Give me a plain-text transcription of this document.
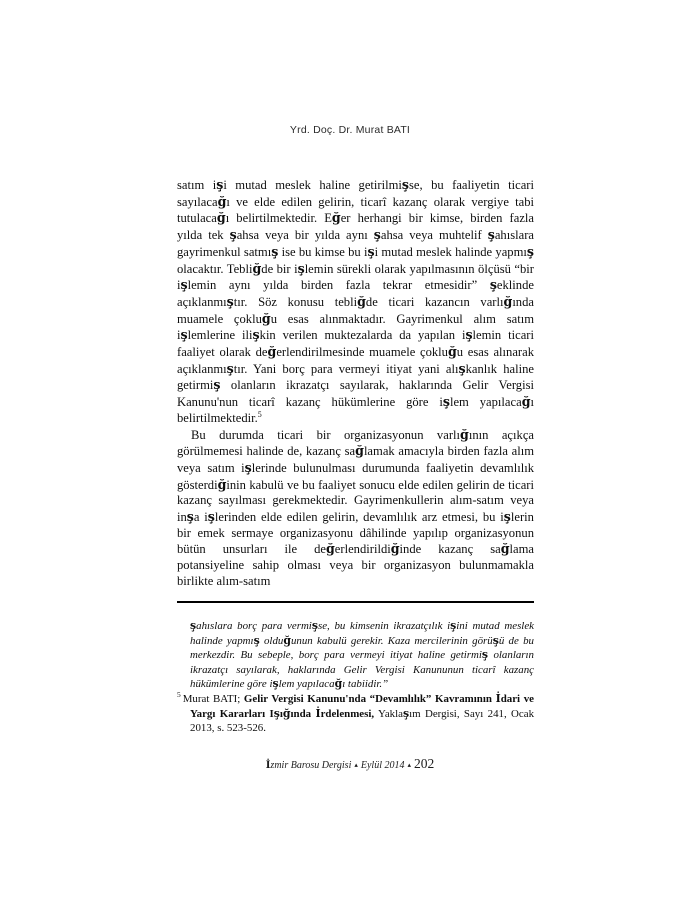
Yrd. Doç. Dr. Murat BATI

satım işi mutad meslek haline getirilmişse, bu faaliyetin ticari sayılacağı ve elde edilen gelirin, ticarî kazanç olarak vergiye tabi tutulacağı belirtilmektedir. Eğer herhangi bir kimse, birden fazla yılda tek şahsa veya bir yılda aynı şahsa veya muhtelif şahıslara gayrimenkul satmış ise bu kimse bu işi mutad meslek halinde yapmış olacaktır. Tebliğde bir işlemin sürekli olarak yapılmasının ölçüsü “bir işlemin aynı yılda birden fazla tekrar etmesidir” şeklinde açıklanmıştır. Söz konusu tebliğde ticari kazancın varlığında muamele çokluğu esas alınmaktadır. Gayrimenkul alım satım işlemlerine ilişkin verilen muktezalarda da yapılan işlemin ticari faaliyet olarak değerlendirilmesinde muamele çokluğu esas alınarak açıklanmıştır. Yani borç para vermeyi itiyat yani alışkanlık haline getirmiş olanların ikrazatçı sayılarak, haklarında Gelir Vergisi Kanunu'nun ticarî kazanç hükümlerine göre işlem yapılacağı belirtilmektedir.$^5$

Bu durumda ticari bir organizasyonun varlığının açıkça görülmemesi halinde de, kazanç sağlamak amacıyla birden fazla alım veya satım işlerinde bulunulması durumunda faaliyetin devamlılık gösterdiğinin kabulü ve bu faaliyet sonucu elde edilen gelirin de ticari kazanç sayılması gerekmektedir. Gayrimenkullerin alım-satım veya inşa işlerinden elde edilen gelirin, devamlılık arz etmesi, bu işlerin bir emek sermaye organizasyonu dâhilinde yapılıp organizasyonun bütün unsurları ile değerlendirildiğinde kazanç sağlama potansiyeline sahip olması veya bir organizasyon bulunmamakla birlikte alım-satım

şahıslara borç para vermişse, bu kimsenin ikrazatçılık işini mutad meslek halinde yapmış olduğunun kabulü gerekir. Kaza mercilerinin görüşü de bu merkezdir. Bu sebeple, borç para vermeyi itiyat haline getirmiş olanların ikrazatçı sayılarak, haklarında Gelir Vergisi Kanununun ticarî kazanç hükümlerine göre işlem yapılacağı tabiidir.”

$^5$ Murat BATI; Gelir Vergisi Kanunu'nda “Devamlılık” Kavramının İdari ve Yargı Kararları Işığında İrdelenmesi, Yaklaşım Dergisi, Sayı 241, Ocak 2013, s. 523-526.

İzmir Barosu Dergisi ▴ Eylül 2014 ▴ 202
